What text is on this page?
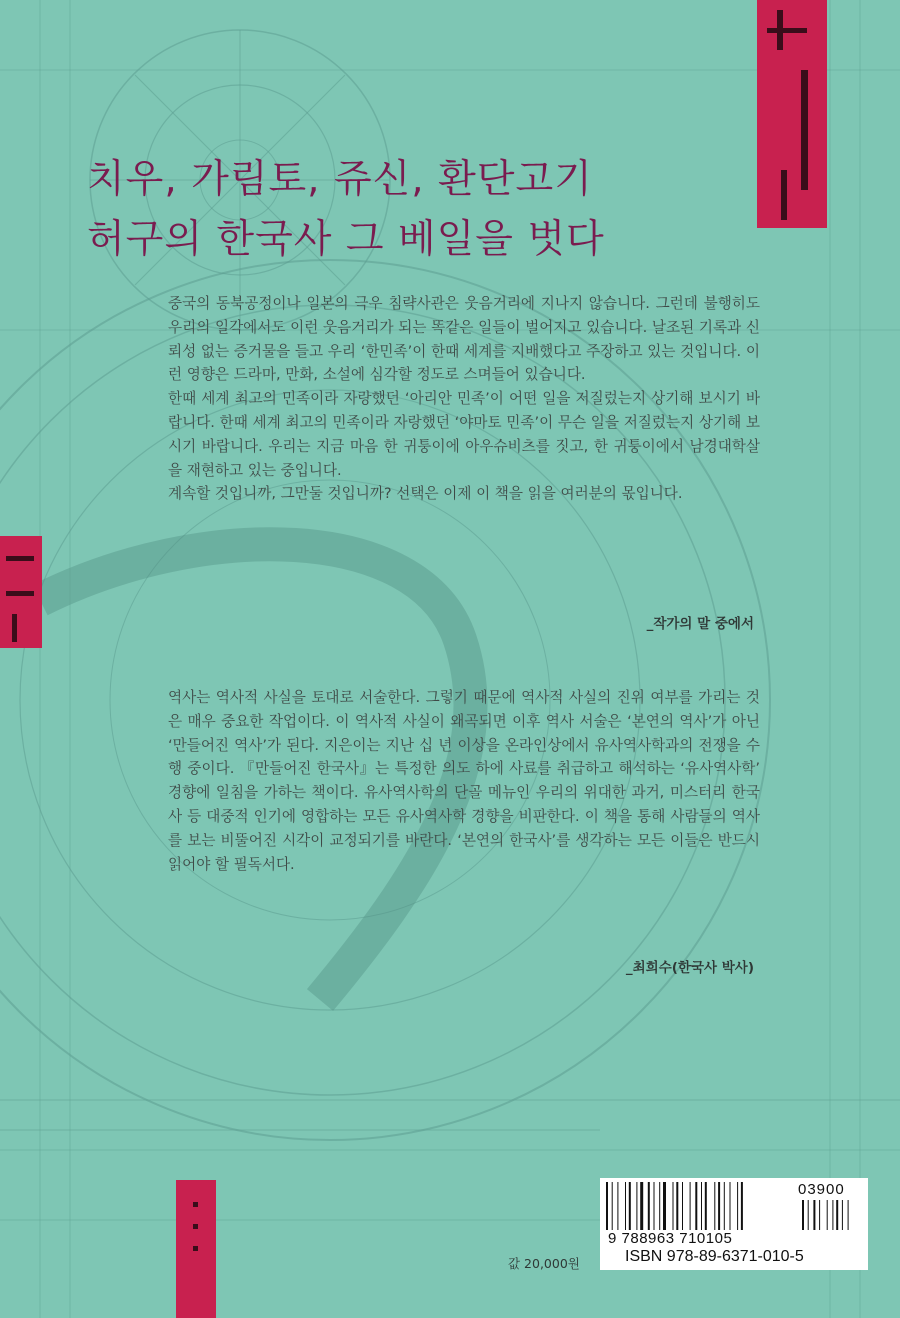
치우, 가림토, 쥬신, 환단고기
허구의 한국사 그 베일을 벗다

중국의 동북공정이나 일본의 극우 침략사관은 웃음거리에 지나지 않습니다. 그런데 불행히도 우리의 일각에서도 이런 웃음거리가 되는 똑같은 일들이 벌어지고 있습니다. 날조된 기록과 신뢰성 없는 증거물을 들고 우리 ‘한민족’이 한때 세계를 지배했다고 주장하고 있는 것입니다. 이런 영향은 드라마, 만화, 소설에 심각할 정도로 스며들어 있습니다.

한때 세계 최고의 민족이라 자랑했던 ‘아리안 민족’이 어떤 일을 저질렀는지 상기해 보시기 바랍니다. 한때 세계 최고의 민족이라 자랑했던 ‘야마토 민족’이 무슨 일을 저질렀는지 상기해 보시기 바랍니다. 우리는 지금 마음 한 귀퉁이에 아우슈비츠를 짓고, 한 귀퉁이에서 남경대학살을 재현하고 있는 중입니다.

계속할 것입니까, 그만둘 것입니까? 선택은 이제 이 책을 읽을 여러분의 몫입니다.

_작가의 말 중에서

역사는 역사적 사실을 토대로 서술한다. 그렇기 때문에 역사적 사실의 진위 여부를 가리는 것은 매우 중요한 작업이다. 이 역사적 사실이 왜곡되면 이후 역사 서술은 ‘본연의 역사’가 아닌 ‘만들어진 역사’가 된다. 지은이는 지난 십 년 이상을 온라인상에서 유사역사학과의 전쟁을 수행 중이다. 『만들어진 한국사』는 특정한 의도 하에 사료를 취급하고 해석하는 ‘유사역사학’ 경향에 일침을 가하는 책이다. 유사역사학의 단골 메뉴인 우리의 위대한 과거, 미스터리 한국사 등 대중적 인기에 영합하는 모든 유사역사학 경향을 비판한다. 이 책을 통해 사람들의 역사를 보는 비뚤어진 시각이 교정되기를 바란다. ‘본연의 한국사’를 생각하는 모든 이들은 반드시 읽어야 할 필독서다.

_최희수(한국사 박사)

03900
9 788963 710105
ISBN 978-89-6371-010-5
값 20,000원
